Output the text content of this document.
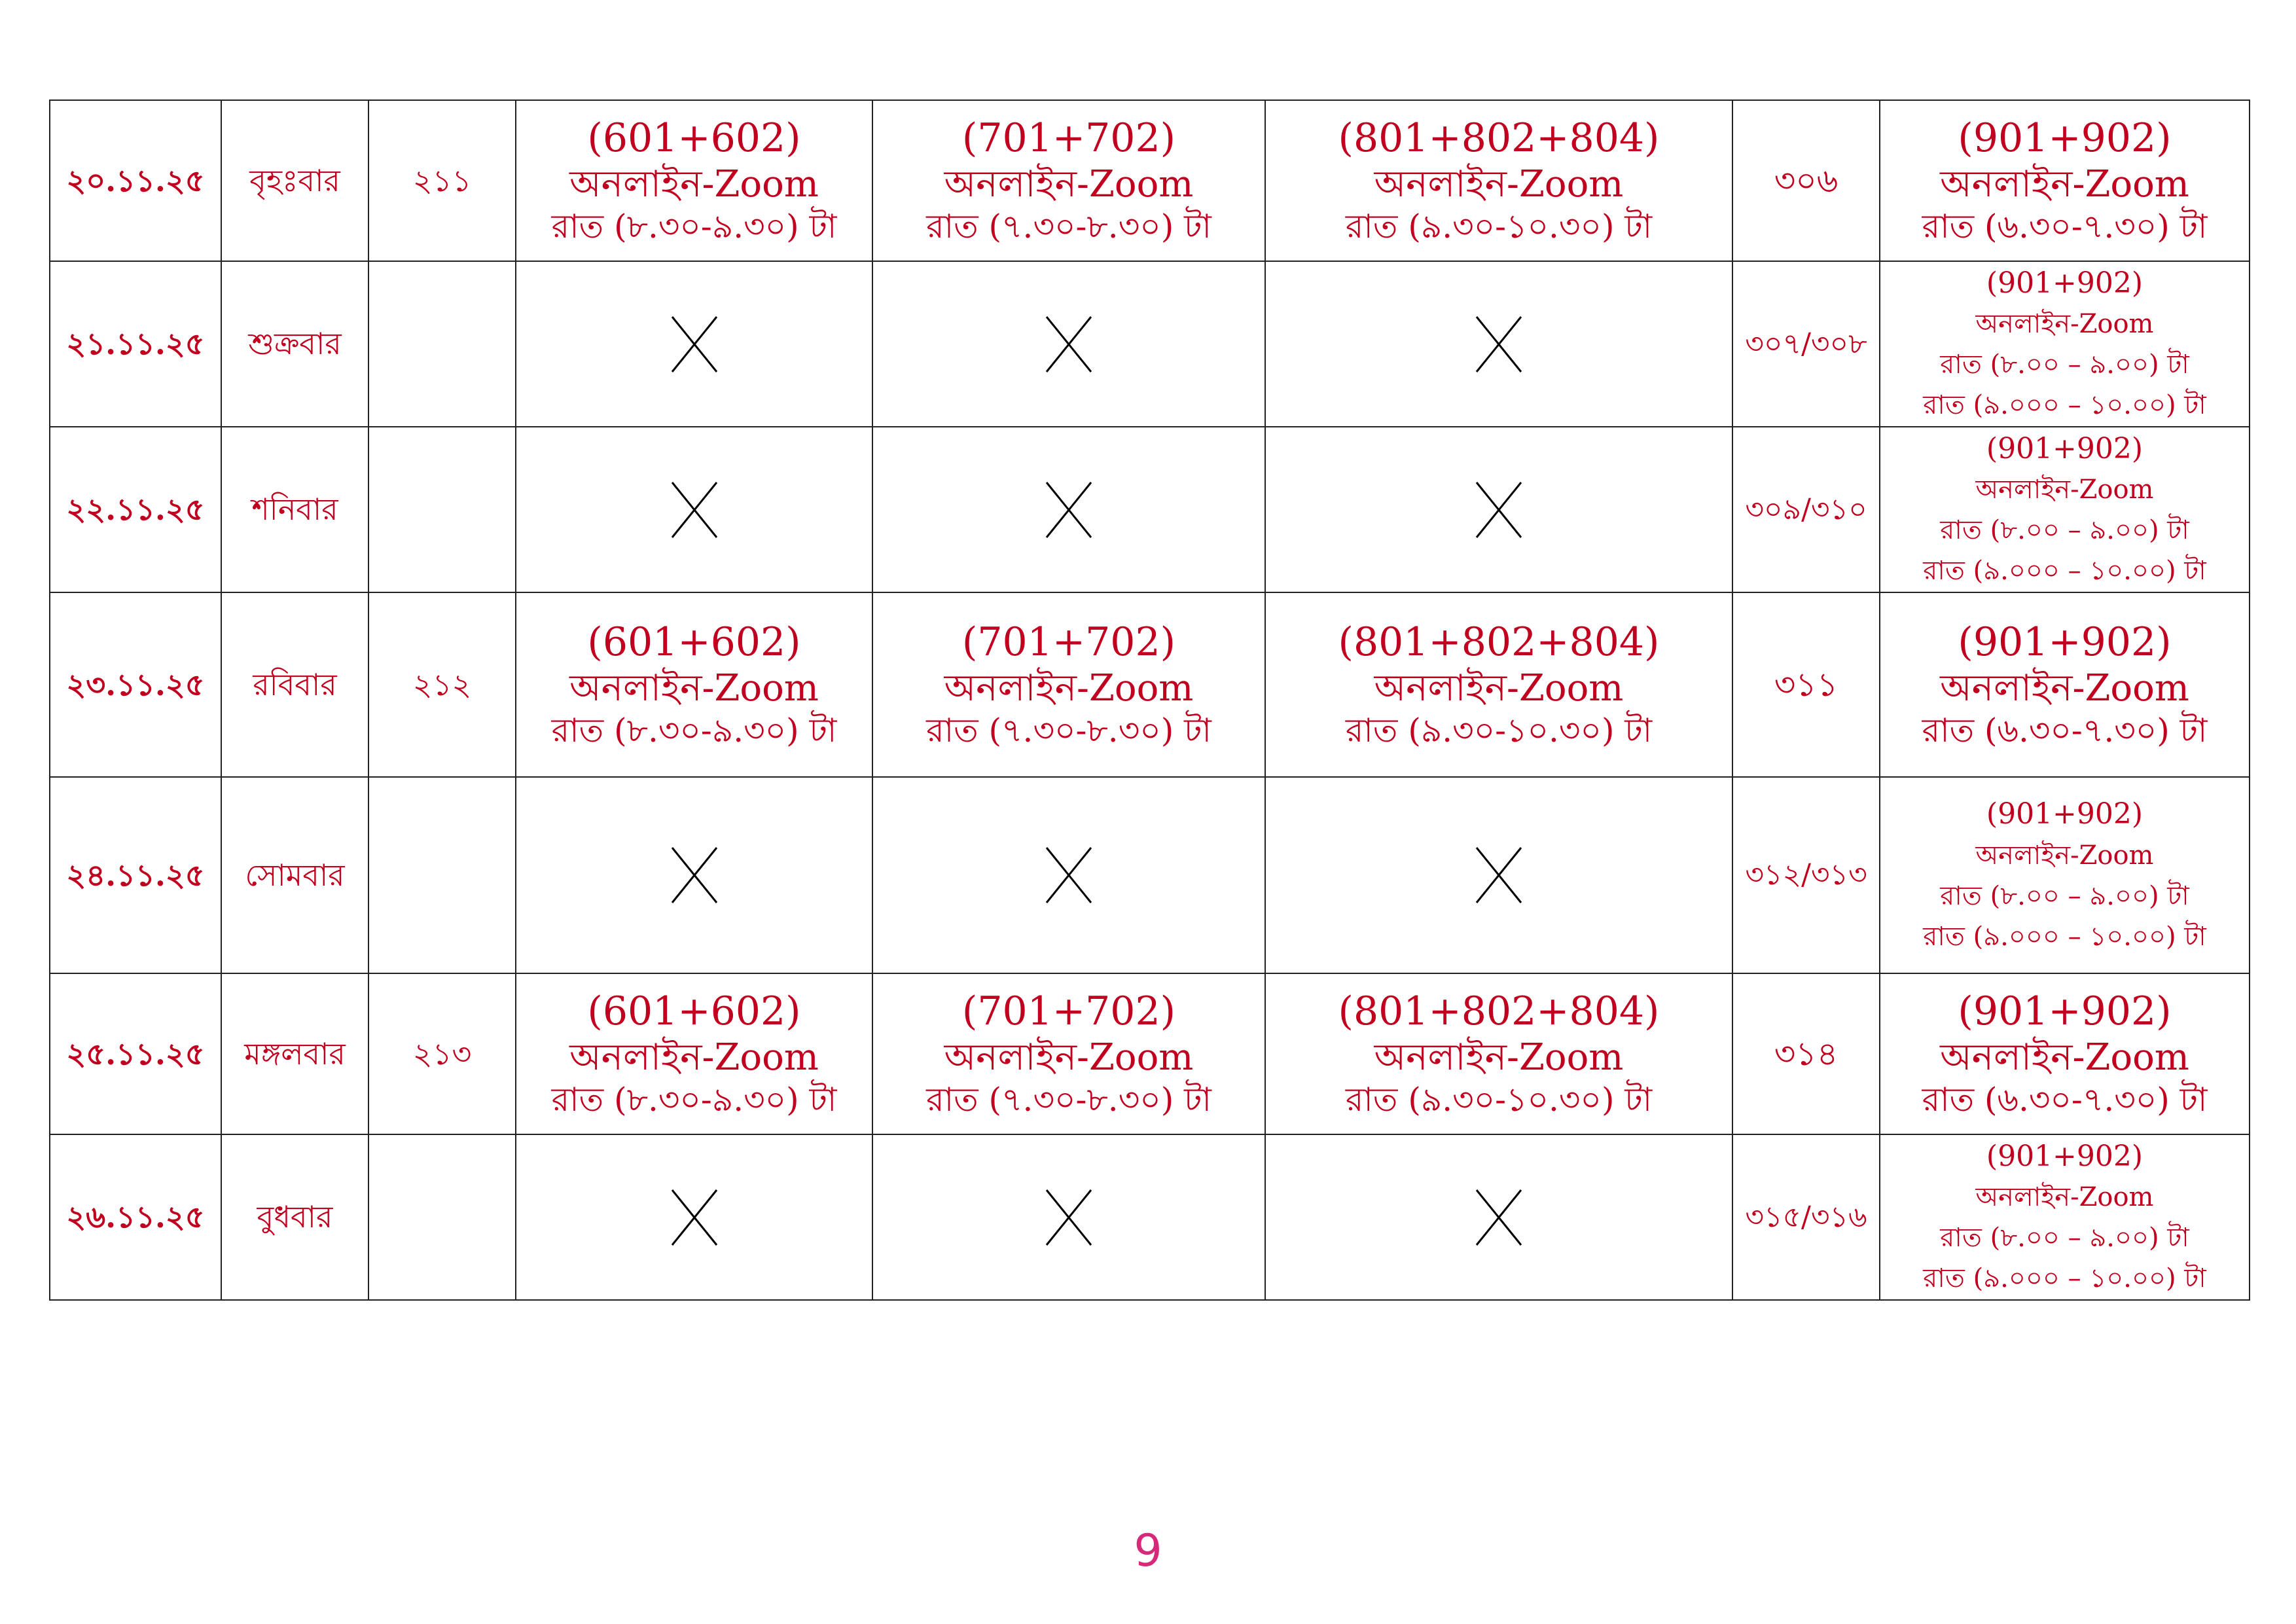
২০.১১.২৫	বৃহঃবার	২১১	(601+602)
অনলাইন-Zoom
রাত (৮.৩০-৯.৩০) টা	(701+702)
অনলাইন-Zoom
রাত (৭.৩০-৮.৩০) টা	(801+802+804)
অনলাইন-Zoom
রাত (৯.৩০-১০.৩০) টা	৩০৬	(901+902)
অনলাইন-Zoom
রাত (৬.৩০-৭.৩০) টা

২১.১১.২৫	শুক্রবার					৩০৭/৩০৮	(901+902)
অনলাইন-Zoom
রাত (৮.০০ – ৯.০০) টা
রাত (৯.০০০ – ১০.০০) টা

২২.১১.২৫	শনিবার					৩০৯/৩১০	(901+902)
অনলাইন-Zoom
রাত (৮.০০ – ৯.০০) টা
রাত (৯.০০০ – ১০.০০) টা

২৩.১১.২৫	রবিবার	২১২	(601+602)
অনলাইন-Zoom
রাত (৮.৩০-৯.৩০) টা	(701+702)
অনলাইন-Zoom
রাত (৭.৩০-৮.৩০) টা	(801+802+804)
অনলাইন-Zoom
রাত (৯.৩০-১০.৩০) টা	৩১১	(901+902)
অনলাইন-Zoom
রাত (৬.৩০-৭.৩০) টা

২৪.১১.২৫	সোমবার					৩১২/৩১৩	(901+902)
অনলাইন-Zoom
রাত (৮.০০ – ৯.০০) টা
রাত (৯.০০০ – ১০.০০) টা

২৫.১১.২৫	মঙ্গলবার	২১৩	(601+602)
অনলাইন-Zoom
রাত (৮.৩০-৯.৩০) টা	(701+702)
অনলাইন-Zoom
রাত (৭.৩০-৮.৩০) টা	(801+802+804)
অনলাইন-Zoom
রাত (৯.৩০-১০.৩০) টা	৩১৪	(901+902)
অনলাইন-Zoom
রাত (৬.৩০-৭.৩০) টা

২৬.১১.২৫	বুধবার					৩১৫/৩১৬	(901+902)
অনলাইন-Zoom
রাত (৮.০০ – ৯.০০) টা
রাত (৯.০০০ – ১০.০০) টা
9
